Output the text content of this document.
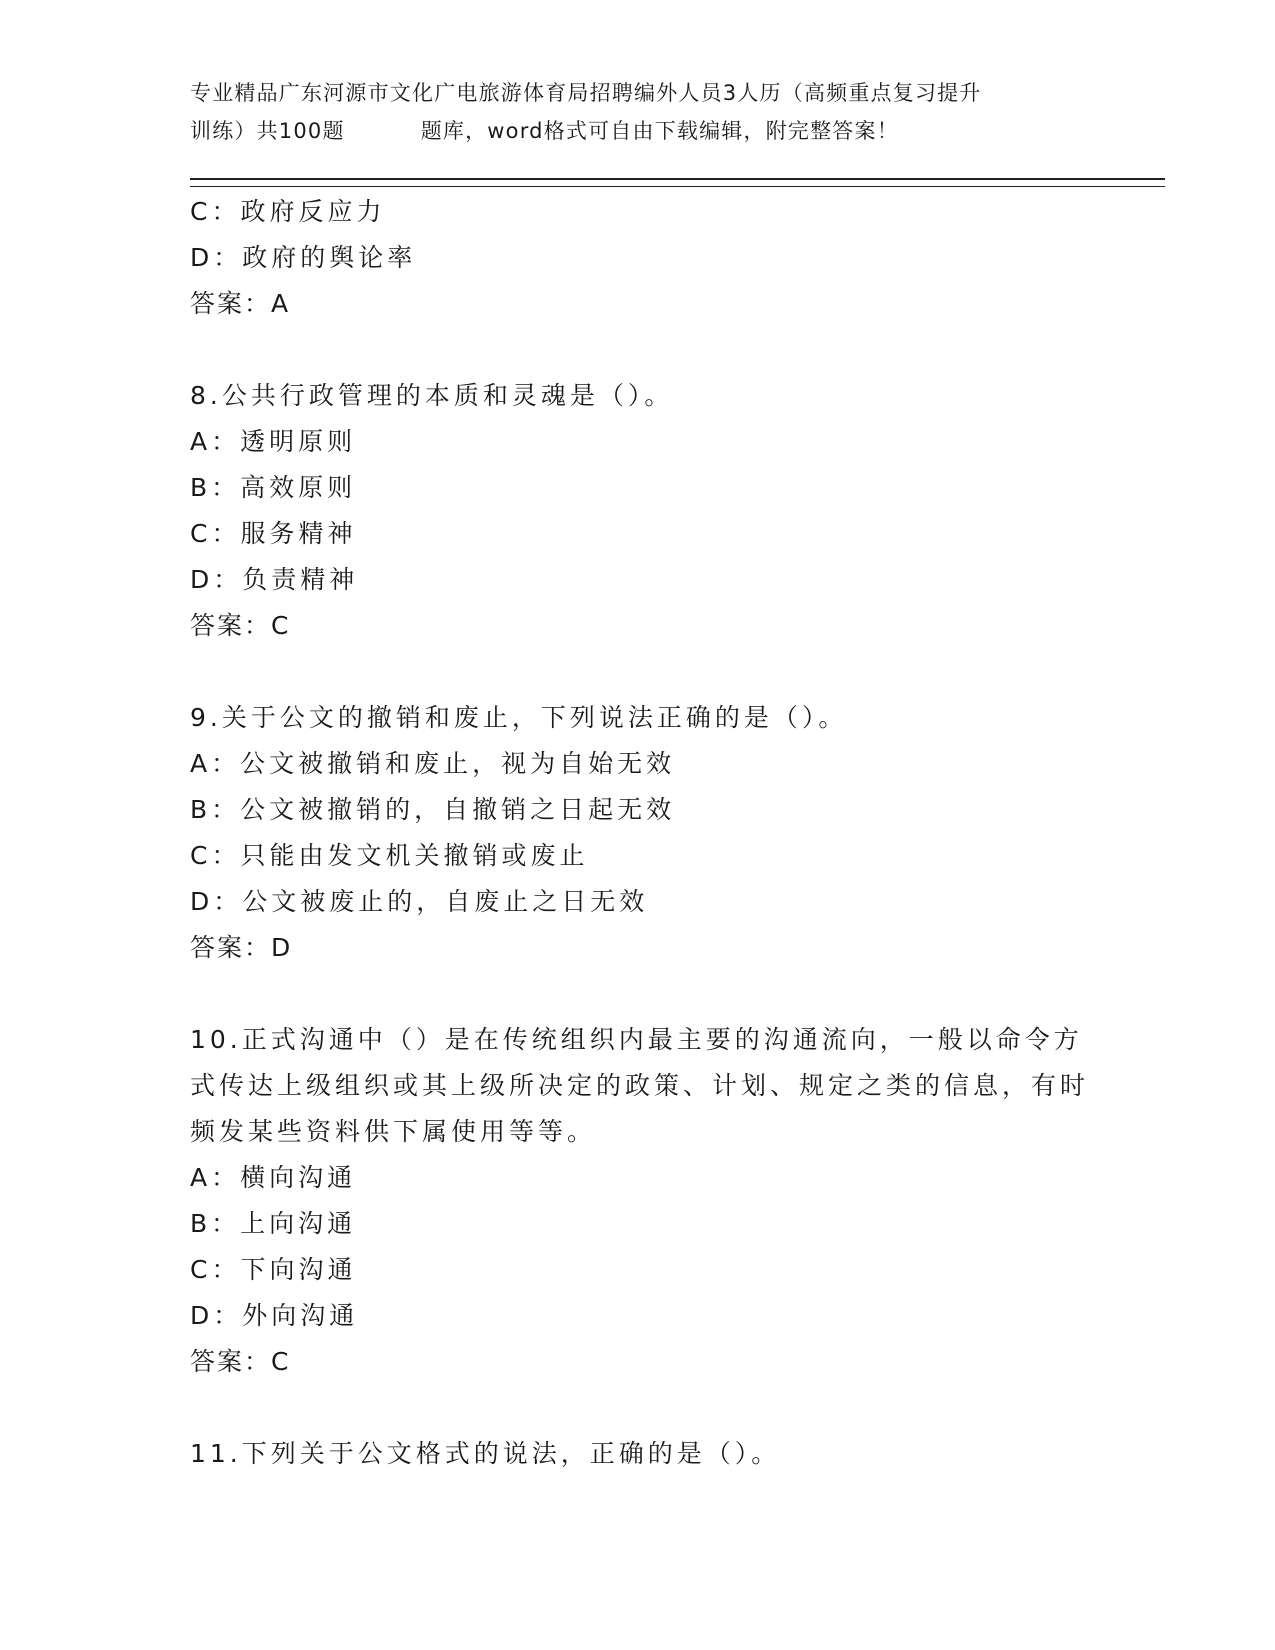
专业精品广东河源市文化广电旅游体育局招聘编外人员3人历（高频重点复习提升
训练）共100题	题库，word格式可自由下载编辑，附完整答案！
C：政府反应力
D：政府的舆论率
答案：A
8.公共行政管理的本质和灵魂是（）。
A：透明原则
B：高效原则
C：服务精神
D：负责精神
答案：C
9.关于公文的撤销和废止，下列说法正确的是（）。
A：公文被撤销和废止，视为自始无效
B：公文被撤销的，自撤销之日起无效
C：只能由发文机关撤销或废止
D：公文被废止的，自废止之日无效
答案：D
10.正式沟通中（）是在传统组织内最主要的沟通流向，一般以命令方式传达上级组织或其上级所决定的政策、计划、规定之类的信息，有时频发某些资料供下属使用等等。
A：横向沟通
B：上向沟通
C：下向沟通
D：外向沟通
答案：C
11.下列关于公文格式的说法，正确的是（）。
